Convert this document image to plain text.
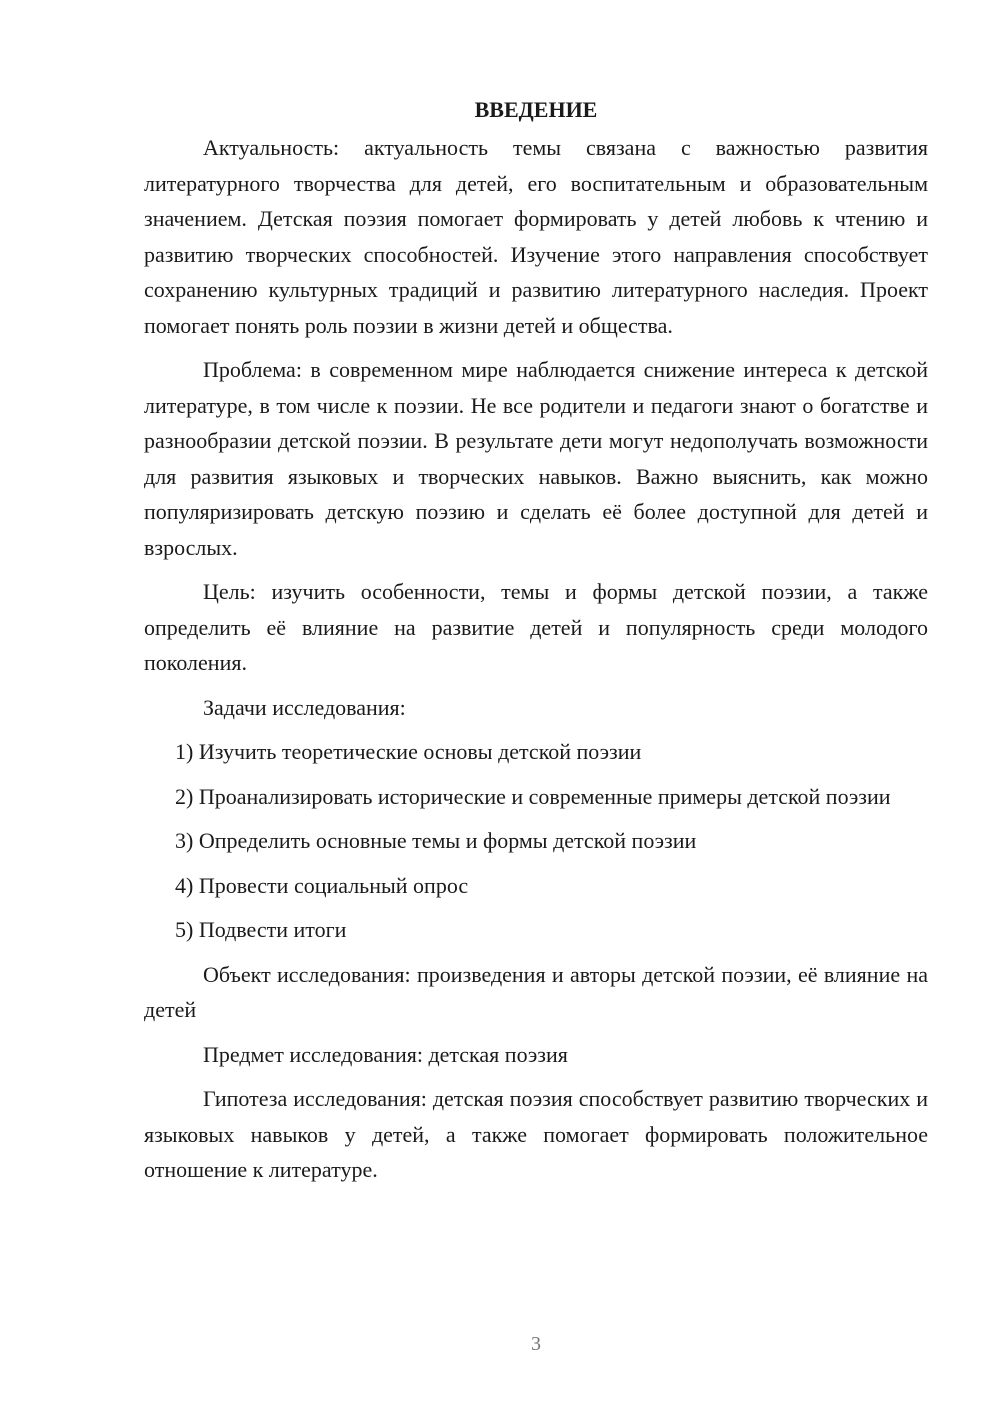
ВВЕДЕНИЕ

Актуальность: актуальность темы связана с важностью развития литературного творчества для детей, его воспитательным и образовательным значением. Детская поэзия помогает формировать у детей любовь к чтению и развитию творческих способностей. Изучение этого направления способствует сохранению культурных традиций и развитию литературного наследия. Проект помогает понять роль поэзии в жизни детей и общества.

Проблема: в современном мире наблюдается снижение интереса к детской литературе, в том числе к поэзии. Не все родители и педагоги знают о богатстве и разнообразии детской поэзии. В результате дети могут недополучать возможности для развития языковых и творческих навыков. Важно выяснить, как можно популяризировать детскую поэзию и сделать её более доступной для детей и взрослых.

Цель: изучить особенности, темы и формы детской поэзии, а также определить её влияние на развитие детей и популярность среди молодого поколения.

Задачи исследования:

1) Изучить теоретические основы детской поэзии

2) Проанализировать исторические и современные примеры детской поэзии

3) Определить основные темы и формы детской поэзии

4) Провести социальный опрос

5) Подвести итоги

Объект исследования: произведения и авторы детской поэзии, её влияние на детей

Предмет исследования: детская поэзия

Гипотеза исследования: детская поэзия способствует развитию творческих и языковых навыков у детей, а также помогает формировать положительное отношение к литературе.

3
